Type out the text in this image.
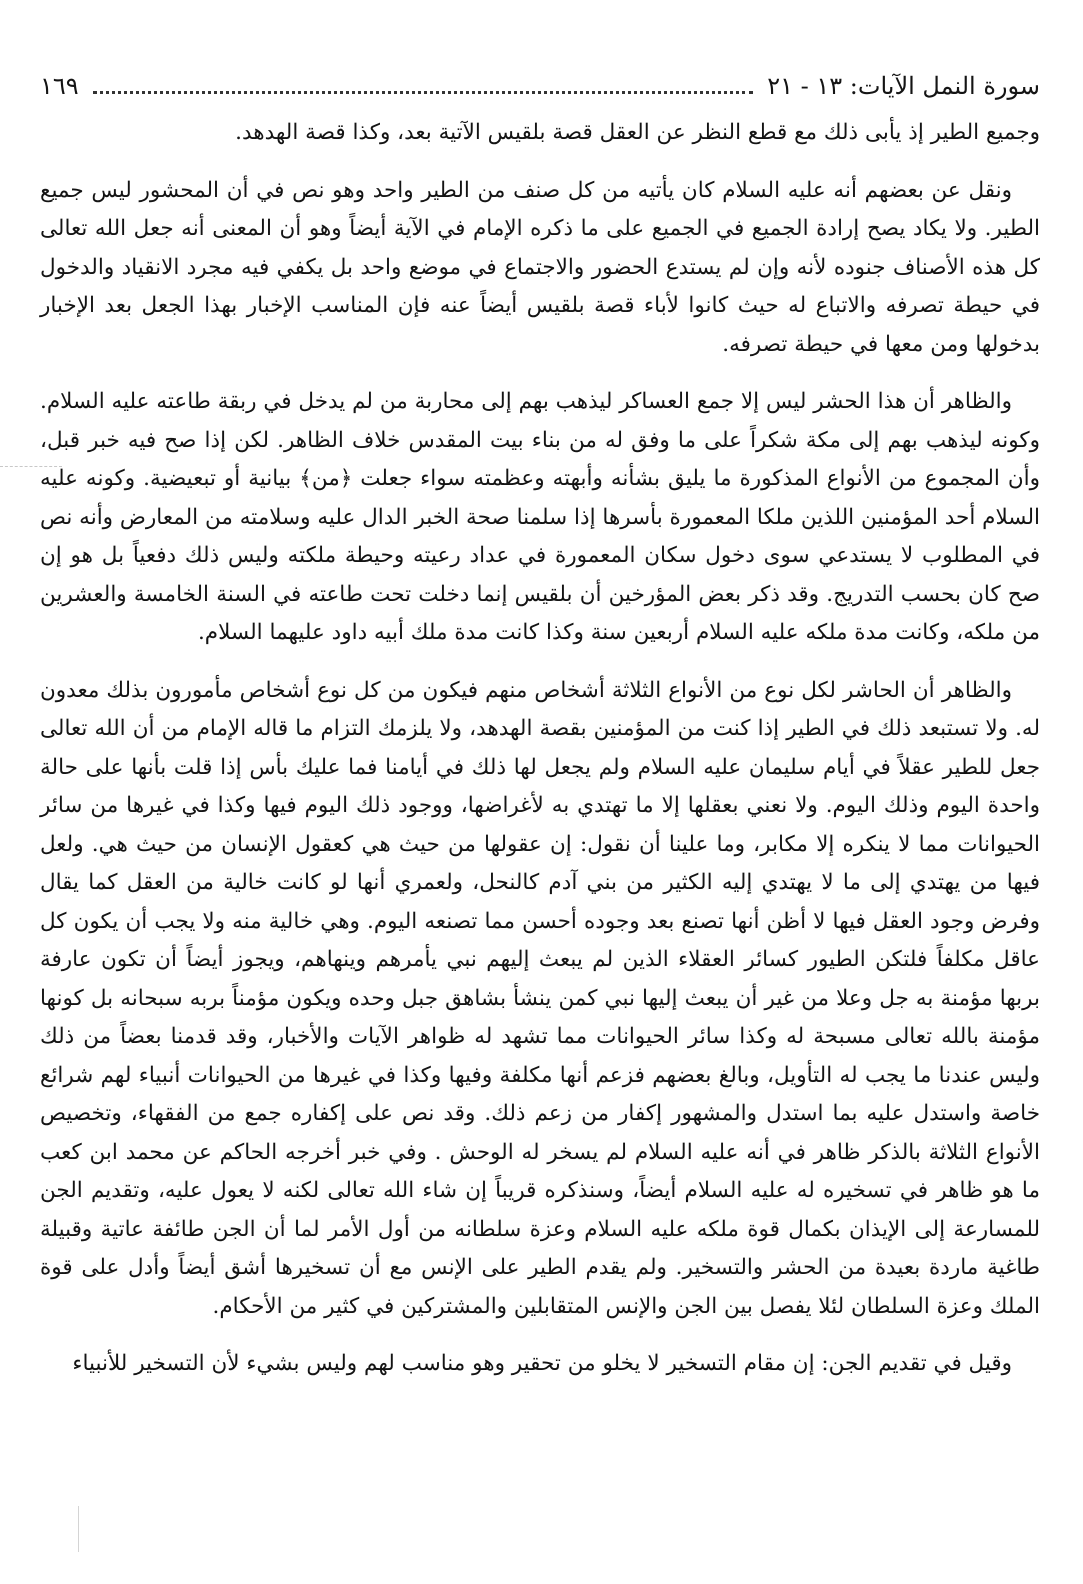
سورة النمل الآيات: ١٣ - ٢١
١٦٩

وجميع الطير إذ يأبى ذلك مع قطع النظر عن العقل قصة بلقيس الآتية بعد، وكذا قصة الهدهد.

ونقل عن بعضهم أنه عليه السلام كان يأتيه من كل صنف من الطير واحد وهو نص في أن المحشور ليس جميع الطير. ولا يكاد يصح إرادة الجميع في الجميع على ما ذكره الإمام في الآية أيضاً وهو أن المعنى أنه جعل الله تعالى كل هذه الأصناف جنوده لأنه وإن لم يستدع الحضور والاجتماع في موضع واحد بل يكفي فيه مجرد الانقياد والدخول في حيطة تصرفه والاتباع له حيث كانوا لأباء قصة بلقيس أيضاً عنه فإن المناسب الإخبار بهذا الجعل بعد الإخبار بدخولها ومن معها في حيطة تصرفه.

والظاهر أن هذا الحشر ليس إلا جمع العساكر ليذهب بهم إلى محاربة من لم يدخل في ربقة طاعته عليه السلام. وكونه ليذهب بهم إلى مكة شكراً على ما وفق له من بناء بيت المقدس خلاف الظاهر. لكن إذا صح فيه خبر قبل، وأن المجموع من الأنواع المذكورة ما يليق بشأنه وأبهته وعظمته سواء جعلت ﴿من﴾ بيانية أو تبعيضية. وكونه عليه السلام أحد المؤمنين اللذين ملكا المعمورة بأسرها إذا سلمنا صحة الخبر الدال عليه وسلامته من المعارض وأنه نص في المطلوب لا يستدعي سوى دخول سكان المعمورة في عداد رعيته وحيطة ملكته وليس ذلك دفعياً بل هو إن صح كان بحسب التدريج. وقد ذكر بعض المؤرخين أن بلقيس إنما دخلت تحت طاعته في السنة الخامسة والعشرين من ملكه، وكانت مدة ملكه عليه السلام أربعين سنة وكذا كانت مدة ملك أبيه داود عليهما السلام.

والظاهر أن الحاشر لكل نوع من الأنواع الثلاثة أشخاص منهم فيكون من كل نوع أشخاص مأمورون بذلك معدون له. ولا تستبعد ذلك في الطير إذا كنت من المؤمنين بقصة الهدهد، ولا يلزمك التزام ما قاله الإمام من أن الله تعالى جعل للطير عقلاً في أيام سليمان عليه السلام ولم يجعل لها ذلك في أيامنا فما عليك بأس إذا قلت بأنها على حالة واحدة اليوم وذلك اليوم. ولا نعني بعقلها إلا ما تهتدي به لأغراضها، ووجود ذلك اليوم فيها وكذا في غيرها من سائر الحيوانات مما لا ينكره إلا مكابر، وما علينا أن نقول: إن عقولها من حيث هي كعقول الإنسان من حيث هي. ولعل فيها من يهتدي إلى ما لا يهتدي إليه الكثير من بني آدم كالنحل، ولعمري أنها لو كانت خالية من العقل كما يقال وفرض وجود العقل فيها لا أظن أنها تصنع بعد وجوده أحسن مما تصنعه اليوم. وهي خالية منه ولا يجب أن يكون كل عاقل مكلفاً فلتكن الطيور كسائر العقلاء الذين لم يبعث إليهم نبي يأمرهم وينهاهم، ويجوز أيضاً أن تكون عارفة بربها مؤمنة به جل وعلا من غير أن يبعث إليها نبي كمن ينشأ بشاهق جبل وحده ويكون مؤمناً بربه سبحانه بل كونها مؤمنة بالله تعالى مسبحة له وكذا سائر الحيوانات مما تشهد له ظواهر الآيات والأخبار، وقد قدمنا بعضاً من ذلك وليس عندنا ما يجب له التأويل، وبالغ بعضهم فزعم أنها مكلفة وفيها وكذا في غيرها من الحيوانات أنبياء لهم شرائع خاصة واستدل عليه بما استدل والمشهور إكفار من زعم ذلك. وقد نص على إكفاره جمع من الفقهاء، وتخصيص الأنواع الثلاثة بالذكر ظاهر في أنه عليه السلام لم يسخر له الوحش . وفي خبر أخرجه الحاكم عن محمد ابن كعب ما هو ظاهر في تسخيره له عليه السلام أيضاً، وسنذكره قريباً إن شاء الله تعالى لكنه لا يعول عليه، وتقديم الجن للمسارعة إلى الإيذان بكمال قوة ملكه عليه السلام وعزة سلطانه من أول الأمر لما أن الجن طائفة عاتية وقبيلة طاغية ماردة بعيدة من الحشر والتسخير. ولم يقدم الطير على الإنس مع أن تسخيرها أشق أيضاً وأدل على قوة الملك وعزة السلطان لئلا يفصل بين الجن والإنس المتقابلين والمشتركين في كثير من الأحكام.

وقيل في تقديم الجن: إن مقام التسخير لا يخلو من تحقير وهو مناسب لهم وليس بشيء لأن التسخير للأنبياء
